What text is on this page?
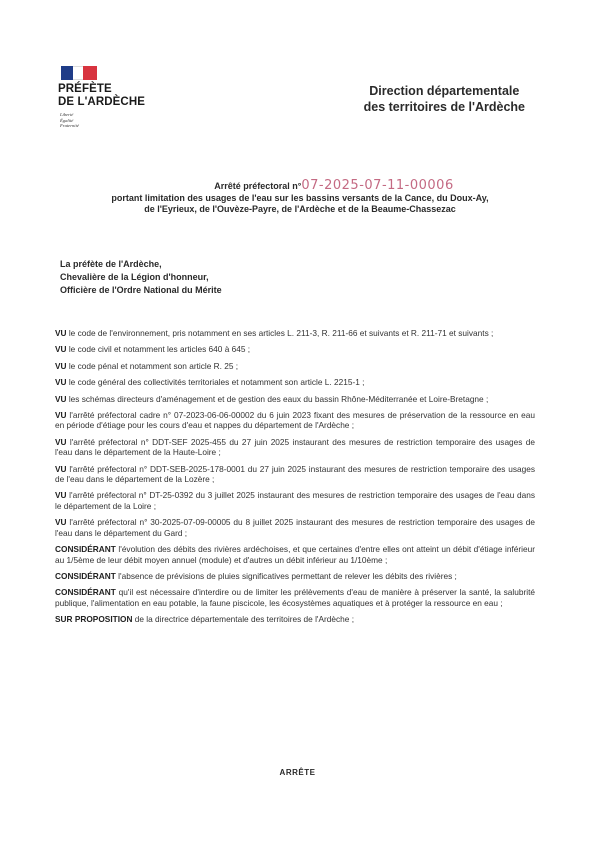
PRÉFÈTE
DE L'ARDÈCHE
Liberté
Égalité
Fraternité
Direction départementale
des territoires de l'Ardèche
Arrêté préfectoral n°07-2025-07-11-00006
portant limitation des usages de l'eau sur les bassins versants de la Cance, du Doux-Ay,
de l'Eyrieux, de l'Ouvèze-Payre, de l'Ardèche et de la Beaume-Chassezac
La préfète de l'Ardèche,
Chevalière de la Légion d'honneur,
Officière de l'Ordre National du Mérite

VU le code de l'environnement, pris notamment en ses articles L. 211-3, R. 211-66 et suivants et R. 211-71 et suivants ;

VU le code civil et notamment les articles 640 à 645 ;

VU le code pénal et notamment son article R. 25 ;

VU le code général des collectivités territoriales et notamment son article L. 2215-1 ;

VU les schémas directeurs d'aménagement et de gestion des eaux du bassin Rhône-Méditerranée et Loire-Bretagne ;

VU l'arrêté préfectoral cadre n° 07-2023-06-06-00002 du 6 juin 2023 fixant des mesures de préservation de la ressource en eau en période d'étiage pour les cours d'eau et nappes du département de l'Ardèche ;

VU l'arrêté préfectoral n° DDT-SEF 2025-455 du 27 juin 2025 instaurant des mesures de restriction temporaire des usages de l'eau dans le département de la Haute-Loire ;

VU l'arrêté préfectoral n° DDT-SEB-2025-178-0001 du 27 juin 2025 instaurant des mesures de restriction temporaire des usages de l'eau dans le département de la Lozère ;

VU l'arrêté préfectoral n° DT-25-0392 du 3 juillet 2025 instaurant des mesures de restriction temporaire des usages de l'eau dans le département de la Loire ;

VU l'arrêté préfectoral n° 30-2025-07-09-00005 du 8 juillet 2025 instaurant des mesures de restriction temporaire des usages de l'eau dans le département du Gard ;

CONSIDÉRANT l'évolution des débits des rivières ardéchoises, et que certaines d'entre elles ont atteint un débit d'étiage inférieur au 1/5ème de leur débit moyen annuel (module) et d'autres un débit inférieur au 1/10ème ;

CONSIDÉRANT l'absence de prévisions de pluies significatives permettant de relever les débits des rivières ;

CONSIDÉRANT qu'il est nécessaire d'interdire ou de limiter les prélèvements d'eau de manière à préserver la santé, la salubrité publique, l'alimentation en eau potable, la faune piscicole, les écosystèmes aquatiques et à protéger la ressource en eau ;

SUR PROPOSITION de la directrice départementale des territoires de l'Ardèche ;

ARRÊTE
